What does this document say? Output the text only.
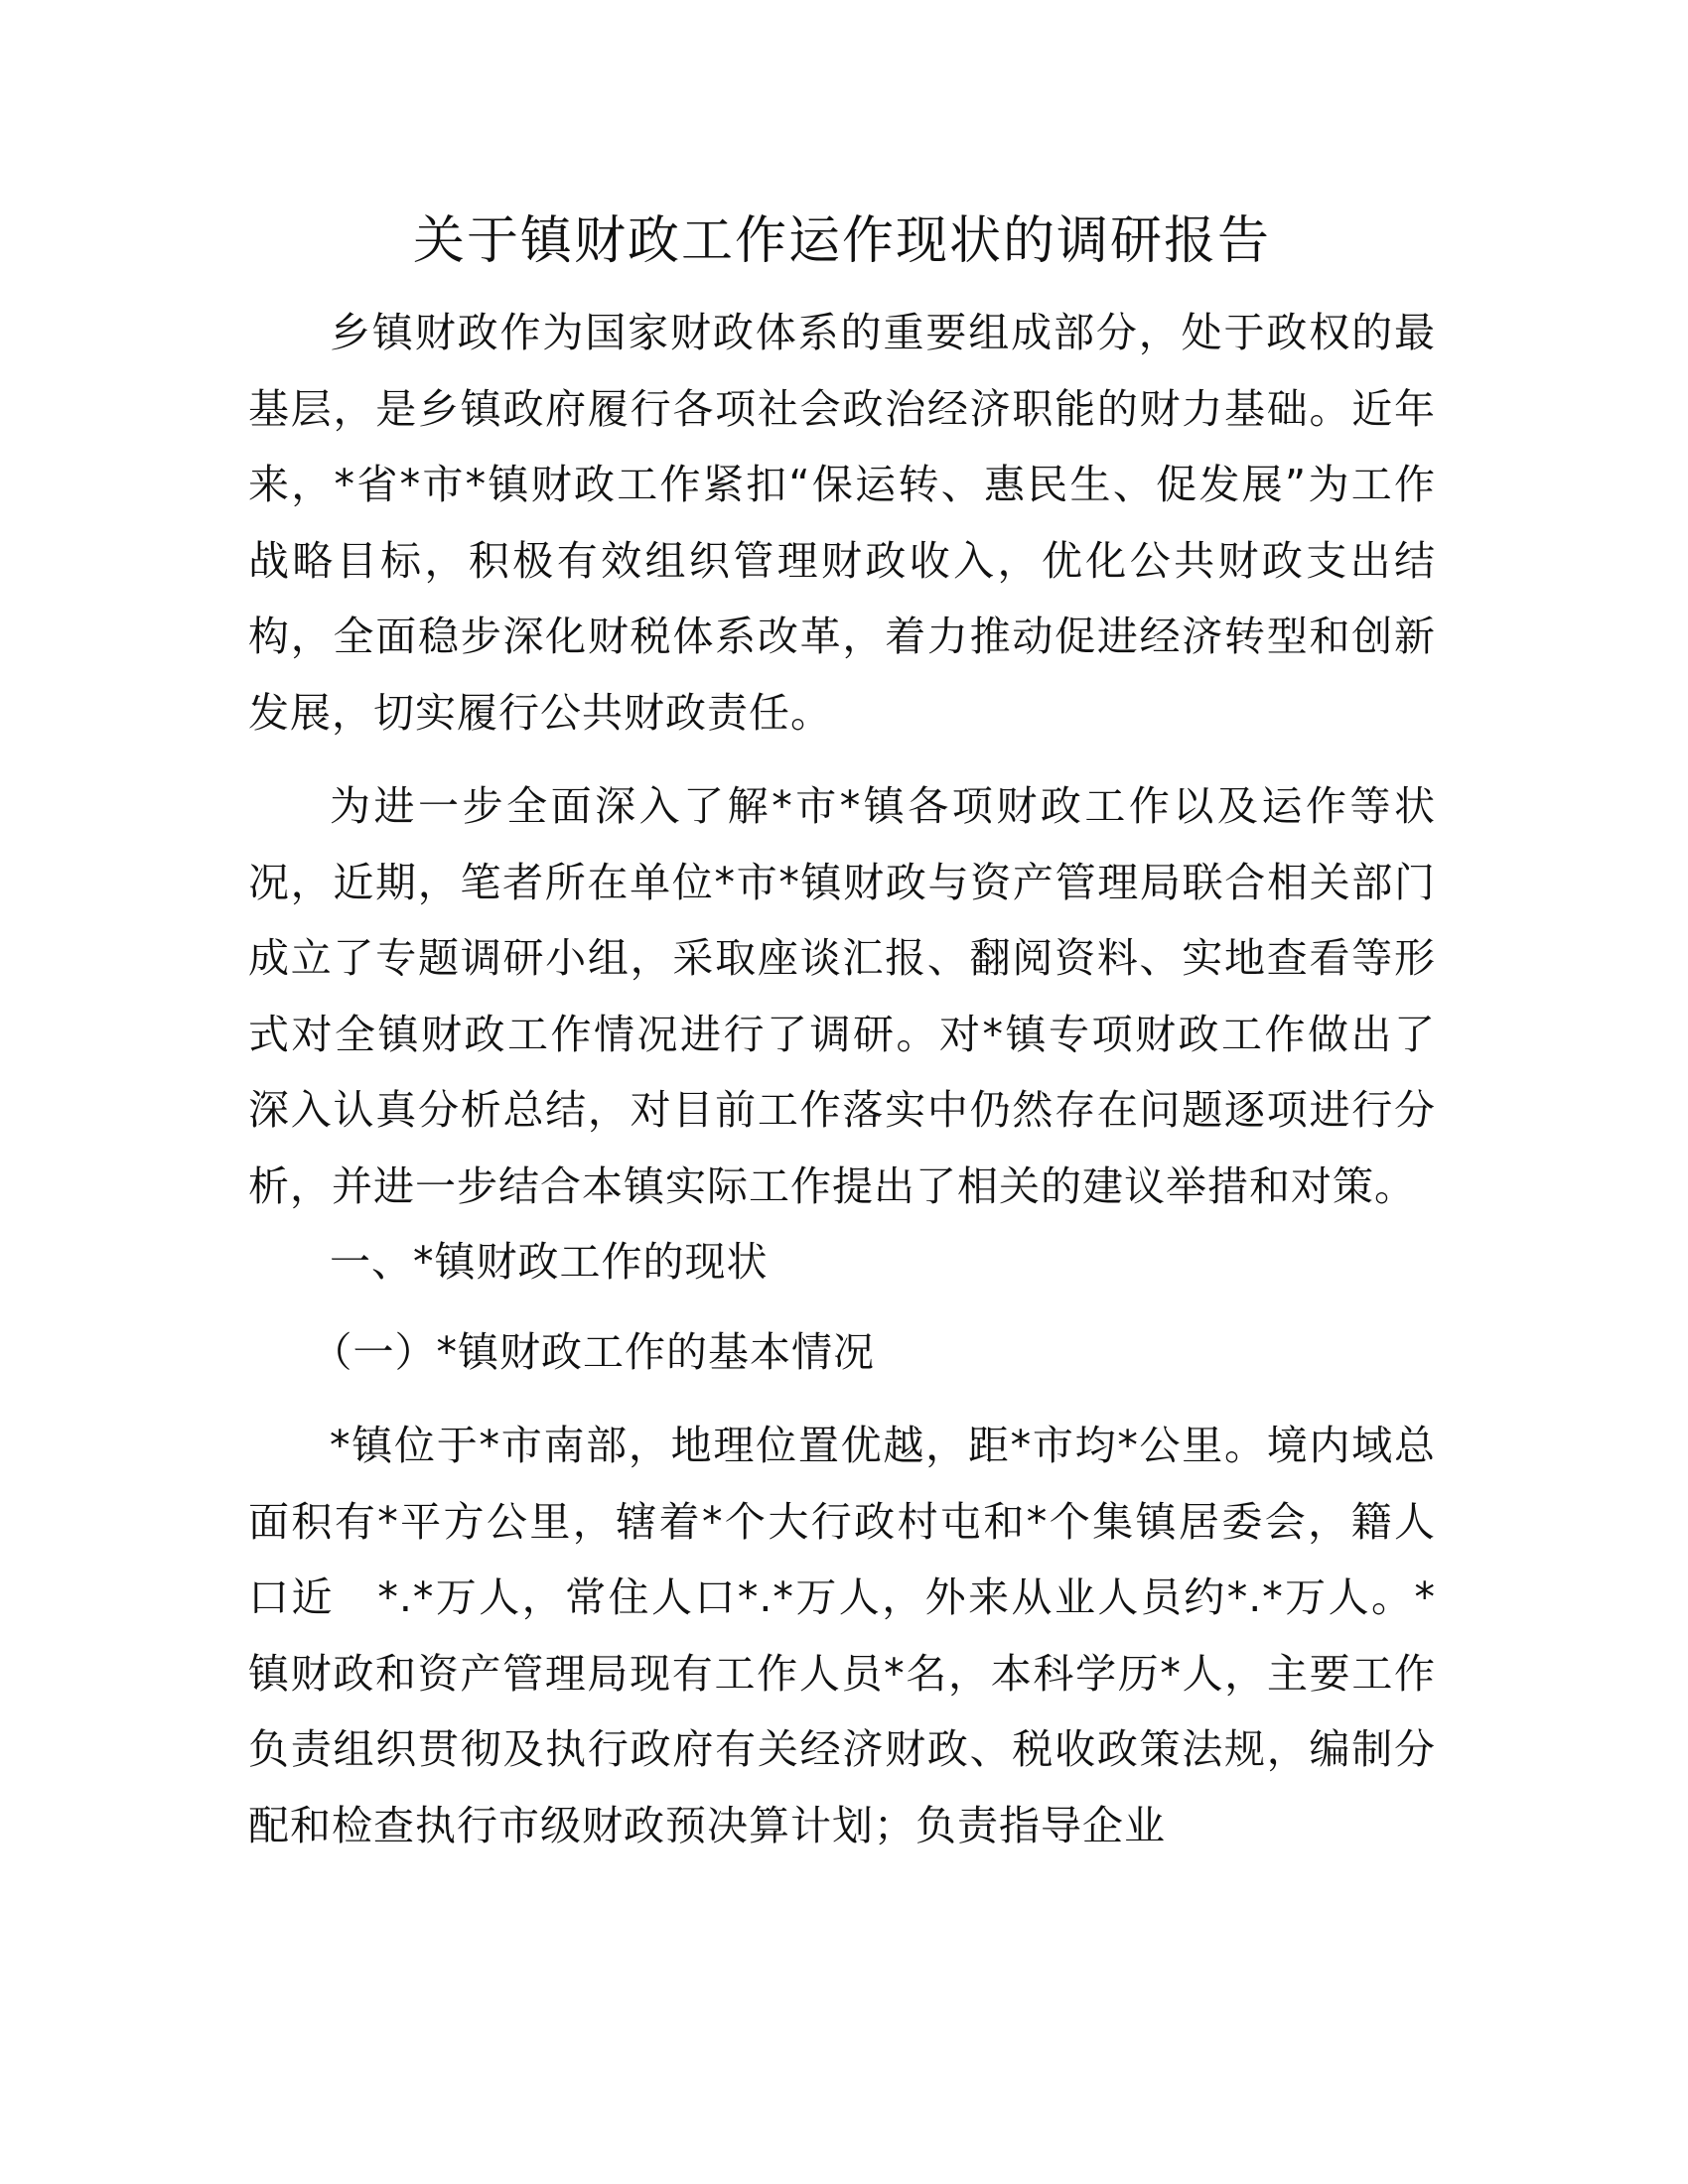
关于镇财政工作运作现状的调研报告

乡镇财政作为国家财政体系的重要组成部分，处于政权的最基层，是乡镇政府履行各项社会政治经济职能的财力基础。近年来，*省*市*镇财政工作紧扣“保运转、惠民生、促发展”为工作战略目标，积极有效组织管理财政收入，优化公共财政支出结构，全面稳步深化财税体系改革，着力推动促进经济转型和创新发展，切实履行公共财政责任。

为进一步全面深入了解*市*镇各项财政工作以及运作等状况，近期，笔者所在单位*市*镇财政与资产管理局联合相关部门成立了专题调研小组，采取座谈汇报、翻阅资料、实地查看等形式对全镇财政工作情况进行了调研。对*镇专项财政工作做出了深入认真分析总结，对目前工作落实中仍然存在问题逐项进行分析，并进一步结合本镇实际工作提出了相关的建议举措和对策。

一、*镇财政工作的现状

（一）*镇财政工作的基本情况

*镇位于*市南部，地理位置优越，距*市均*公里。境内域总面积有*平方公里，辖着*个大行政村屯和*个集镇居委会，籍人口近　*.*万人，常住人口*.*万人，外来从业人员约*.*万人。*镇财政和资产管理局现有工作人员*名，本科学历*人，主要工作负责组织贯彻及执行政府有关经济财政、税收政策法规，编制分配和检查执行市级财政预决算计划；负责指导企业
